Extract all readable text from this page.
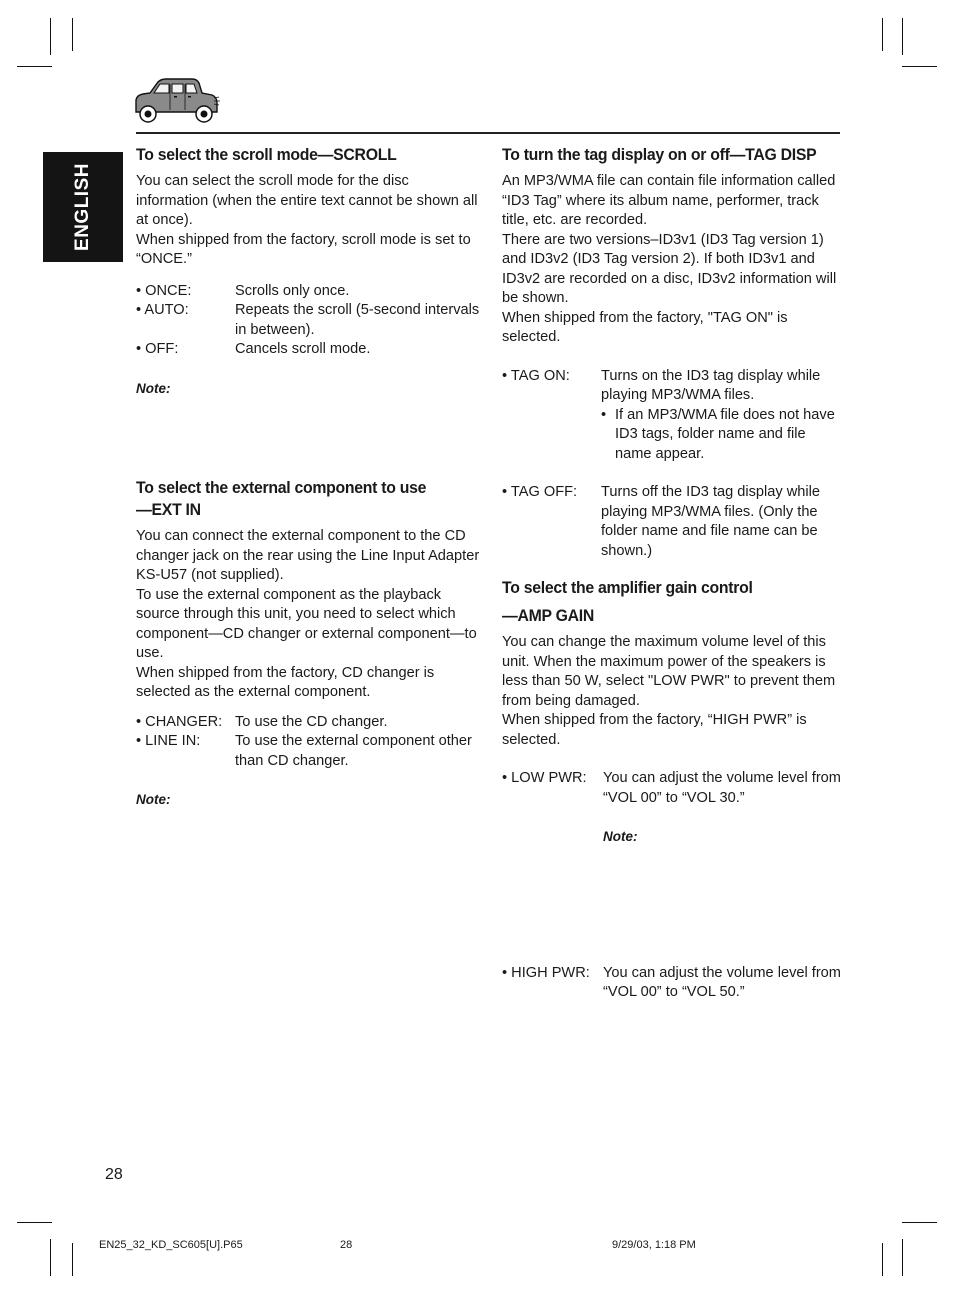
ENGLISH
To select the scroll mode—SCROLL

You can select the scroll mode for the disc information (when the entire text cannot be shown all at once).

When shipped from the factory, scroll mode is set to “ONCE.”

• ONCE:	Scrolls only once.
• AUTO:	Repeats the scroll (5-second intervals in between).
• OFF:	Cancels scroll mode.

Note:

To select the external component to use
—EXT IN

You can connect the external component to the CD changer jack on the rear using the Line Input Adapter KS-U57 (not supplied).

To use the external component as the playback source through this unit, you need to select which component—CD changer or external component—to use.

When shipped from the factory, CD changer is selected as the external component.

• CHANGER: To use the CD changer.
• LINE IN: To use the external component other than CD changer.

Note:

To turn the tag display on or off—TAG DISP

An MP3/WMA file can contain file information called “ID3 Tag” where its album name, performer, track title, etc. are recorded.

There are two versions–ID3v1 (ID3 Tag version 1) and ID3v2 (ID3 Tag version 2). If both ID3v1 and ID3v2 are recorded on a disc, ID3v2 information will be shown.

When shipped from the factory, "TAG ON" is selected.

• TAG ON: Turns on the ID3 tag display while playing MP3/WMA files.
• If an MP3/WMA file does not have ID3 tags, folder name and file name appear.
• TAG OFF: Turns off the ID3 tag display while playing MP3/WMA files. (Only the folder name and file name can be shown.)
To select the amplifier gain control
—AMP GAIN

You can change the maximum volume level of this unit. When the maximum power of the speakers is less than 50 W, select "LOW PWR" to prevent them from being damaged.

When shipped from the factory, “HIGH PWR” is selected.

• LOW PWR: You can adjust the volume level from “VOL 00” to “VOL 30.”

Note:

• HIGH PWR: You can adjust the volume level from “VOL 00” to “VOL 50.”
28
EN25_32_KD_SC605[U].P65	28	9/29/03, 1:18 PM
